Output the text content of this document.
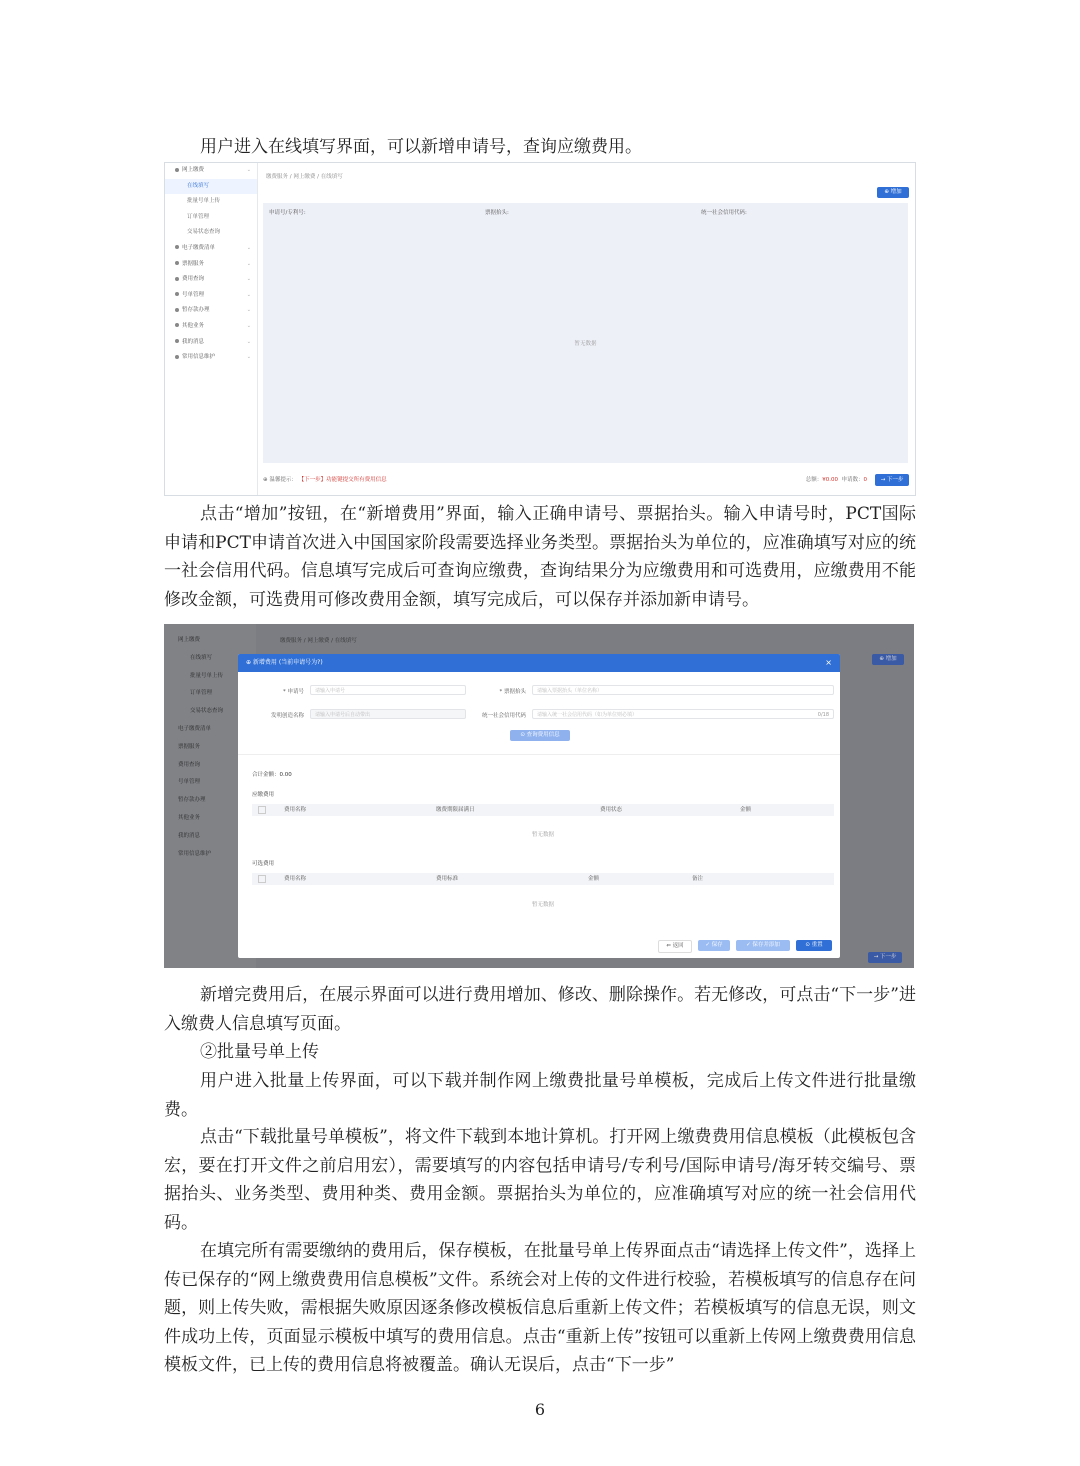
用户进入在线填写界面，可以新增申请号，查询应缴费用。

网上缴费	⌄
在线填写
批量号单上传
订单管理
交易状态查询
电子缴费清单	⌄
票据服务	⌄
费用查询	⌄
号单管理	⌄
暂存款办理	⌄
其他业务	⌄
我的消息	⌄
常用信息维护	⌄
缴费服务 / 网上缴费 / 在线填写
⊕ 增加
申请号/专利号:	票据抬头:	统一社会信用代码:
暂无数据
⊕ 温馨提示： 【下一步】功能键提交所有费用信息	总额：¥0.00 申请数：0	→ 下一步

点击“增加”按钮，在“新增费用”界面，输入正确申请号、票据抬头。输入申请号时，PCT国际申请和PCT申请首次进入中国国家阶段需要选择业务类型。票据抬头为单位的，应准确填写对应的统一社会信用代码。信息填写完成后可查询应缴费，查询结果分为应缴费用和可选费用，应缴费用不能修改金额，可选费用可修改费用金额，填写完成后，可以保存并添加新申请号。

网上缴费
在线填写
批量号单上传
订单管理
交易状态查询
电子缴费清单
票据服务
费用查询
号单管理
暂存款办理
其他业务
我的消息
常用信息维护
缴费服务 / 网上缴费 / 在线填写
⊕ 增加
→ 下一步
⊕ 新增费用 (当前申请号为?)	×
* 申请号	请输入申请号	* 票据抬头	请输入票据抬头（单位名称）
发明创造名称	请输入申请号后自动带出	统一社会信用代码	请输入统一社会信用代码（如为单位则必填）	0/18
⊙ 查询费用信息
合计金额：0.00
应缴费用
费用名称	缴费期限届满日	费用状态	金额
暂无数据
可选费用
费用名称	费用标准	金额	备注
暂无数据
⇐ 返回	✓ 保存	✓ 保存并添加	⊙ 重置

新增完费用后，在展示界面可以进行费用增加、修改、删除操作。若无修改，可点击“下一步”进入缴费人信息填写页面。

②批量号单上传

用户进入批量上传界面，可以下载并制作网上缴费批量号单模板，完成后上传文件进行批量缴费。

点击“下载批量号单模板”，将文件下载到本地计算机。打开网上缴费费用信息模板（此模板包含宏，要在打开文件之前启用宏），需要填写的内容包括申请号/专利号/国际申请号/海牙转交编号、票据抬头、业务类型、费用种类、费用金额。票据抬头为单位的，应准确填写对应的统一社会信用代码。

在填完所有需要缴纳的费用后，保存模板，在批量号单上传界面点击“请选择上传文件”，选择上传已保存的“网上缴费费用信息模板”文件。系统会对上传的文件进行校验，若模板填写的信息存在问题，则上传失败，需根据失败原因逐条修改模板信息后重新上传文件；若模板填写的信息无误，则文件成功上传，页面显示模板中填写的费用信息。点击“重新上传”按钮可以重新上传网上缴费费用信息模板文件，已上传的费用信息将被覆盖。确认无误后，点击“下一步”

6
